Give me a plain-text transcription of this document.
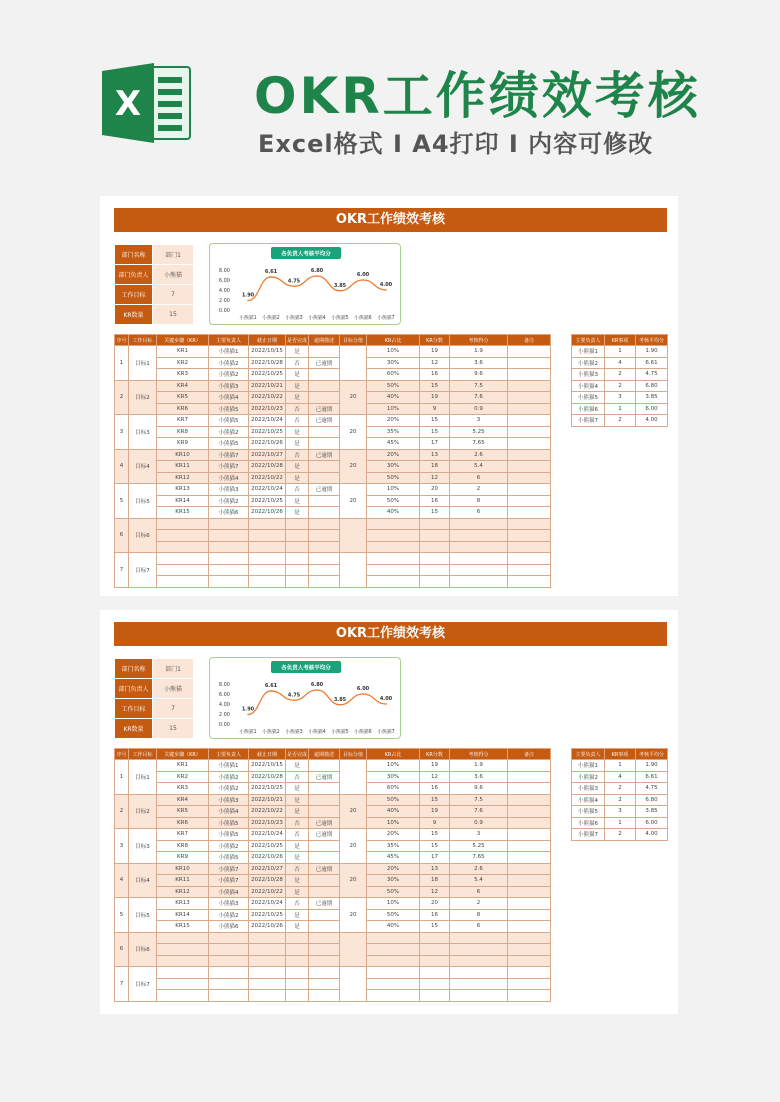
X OKR工作绩效考核
Excel格式 I A4打印 I 内容可修改
OKR工作绩效考核
部门名称	部门1
部门负责人	小熊猫
工作目标	7
KR数量	15
各负责人考核平均分
0.00
2.00
4.00
6.00
8.00
1.90
小熊猫1
6.61
小熊猫2
4.75
小熊猫3
6.80
小熊猫4
3.85
小熊猫5
6.00
小熊猫6
4.00
小熊猫7
序号	工作目标	关键步骤（KR）	主要负责人	截止日期	是否完成	逾期描述	目标分值	KR占比	KR分数	考核得分	备注
1	目标1	KR1	小熊猫1	2022/10/15	是			10%	19	1.9	
		KR2	小熊猫2	2022/10/28	否	已逾期		30%	12	3.6	
		KR3	小熊猫2	2022/10/25	是			60%	16	9.6	
2	目标2	KR4	小熊猫3	2022/10/21	是		20	50%	15	7.5	
		KR5	小熊猫4	2022/10/22	是			40%	19	7.6	
		KR6	小熊猫5	2022/10/23	否	已逾期		10%	9	0.9	
3	目标3	KR7	小熊猫5	2022/10/24	否	已逾期	20	20%	15	3	
		KR8	小熊猫2	2022/10/25	是			35%	15	5.25	
		KR9	小熊猫5	2022/10/26	是			45%	17	7.65	
4	目标4	KR10	小熊猫7	2022/10/27	否	已逾期	20	20%	13	2.6	
		KR11	小熊猫7	2022/10/28	是			30%	18	5.4	
		KR12	小熊猫4	2022/10/22	是			50%	12	6	
5	目标5	KR13	小熊猫3	2022/10/24	否	已逾期	20	10%	20	2	
		KR14	小熊猫2	2022/10/25	是			50%	16	8	
		KR15	小熊猫6	2022/10/26	是			40%	15	6	
6	目标6										

7	目标7										

主要负责人	KR事项	考核平均分
小熊猫1	1	1.90
小熊猫2	4	6.61
小熊猫3	2	4.75
小熊猫4	2	6.80
小熊猫5	3	3.85
小熊猫6	1	6.00
小熊猫7	2	4.00
OKR工作绩效考核
部门名称	部门1
部门负责人	小熊猫
工作目标	7
KR数量	15
各负责人考核平均分
0.00
2.00
4.00
6.00
8.00
1.90
小熊猫1
6.61
小熊猫2
4.75
小熊猫3
6.80
小熊猫4
3.85
小熊猫5
6.00
小熊猫6
4.00
小熊猫7
序号	工作目标	关键步骤（KR）	主要负责人	截止日期	是否完成	逾期描述	目标分值	KR占比	KR分数	考核得分	备注
1	目标1	KR1	小熊猫1	2022/10/15	是			10%	19	1.9	
		KR2	小熊猫2	2022/10/28	否	已逾期		30%	12	3.6	
		KR3	小熊猫2	2022/10/25	是			60%	16	9.6	
2	目标2	KR4	小熊猫3	2022/10/21	是		20	50%	15	7.5	
		KR5	小熊猫4	2022/10/22	是			40%	19	7.6	
		KR6	小熊猫5	2022/10/23	否	已逾期		10%	9	0.9	
3	目标3	KR7	小熊猫5	2022/10/24	否	已逾期	20	20%	15	3	
		KR8	小熊猫2	2022/10/25	是			35%	15	5.25	
		KR9	小熊猫5	2022/10/26	是			45%	17	7.65	
4	目标4	KR10	小熊猫7	2022/10/27	否	已逾期	20	20%	13	2.6	
		KR11	小熊猫7	2022/10/28	是			30%	18	5.4	
		KR12	小熊猫4	2022/10/22	是			50%	12	6	
5	目标5	KR13	小熊猫3	2022/10/24	否	已逾期	20	10%	20	2	
		KR14	小熊猫2	2022/10/25	是			50%	16	8	
		KR15	小熊猫6	2022/10/26	是			40%	15	6	
6	目标6										

7	目标7										

主要负责人	KR事项	考核平均分
小熊猫1	1	1.90
小熊猫2	4	6.61
小熊猫3	2	4.75
小熊猫4	2	6.80
小熊猫5	3	3.85
小熊猫6	1	6.00
小熊猫7	2	4.00
